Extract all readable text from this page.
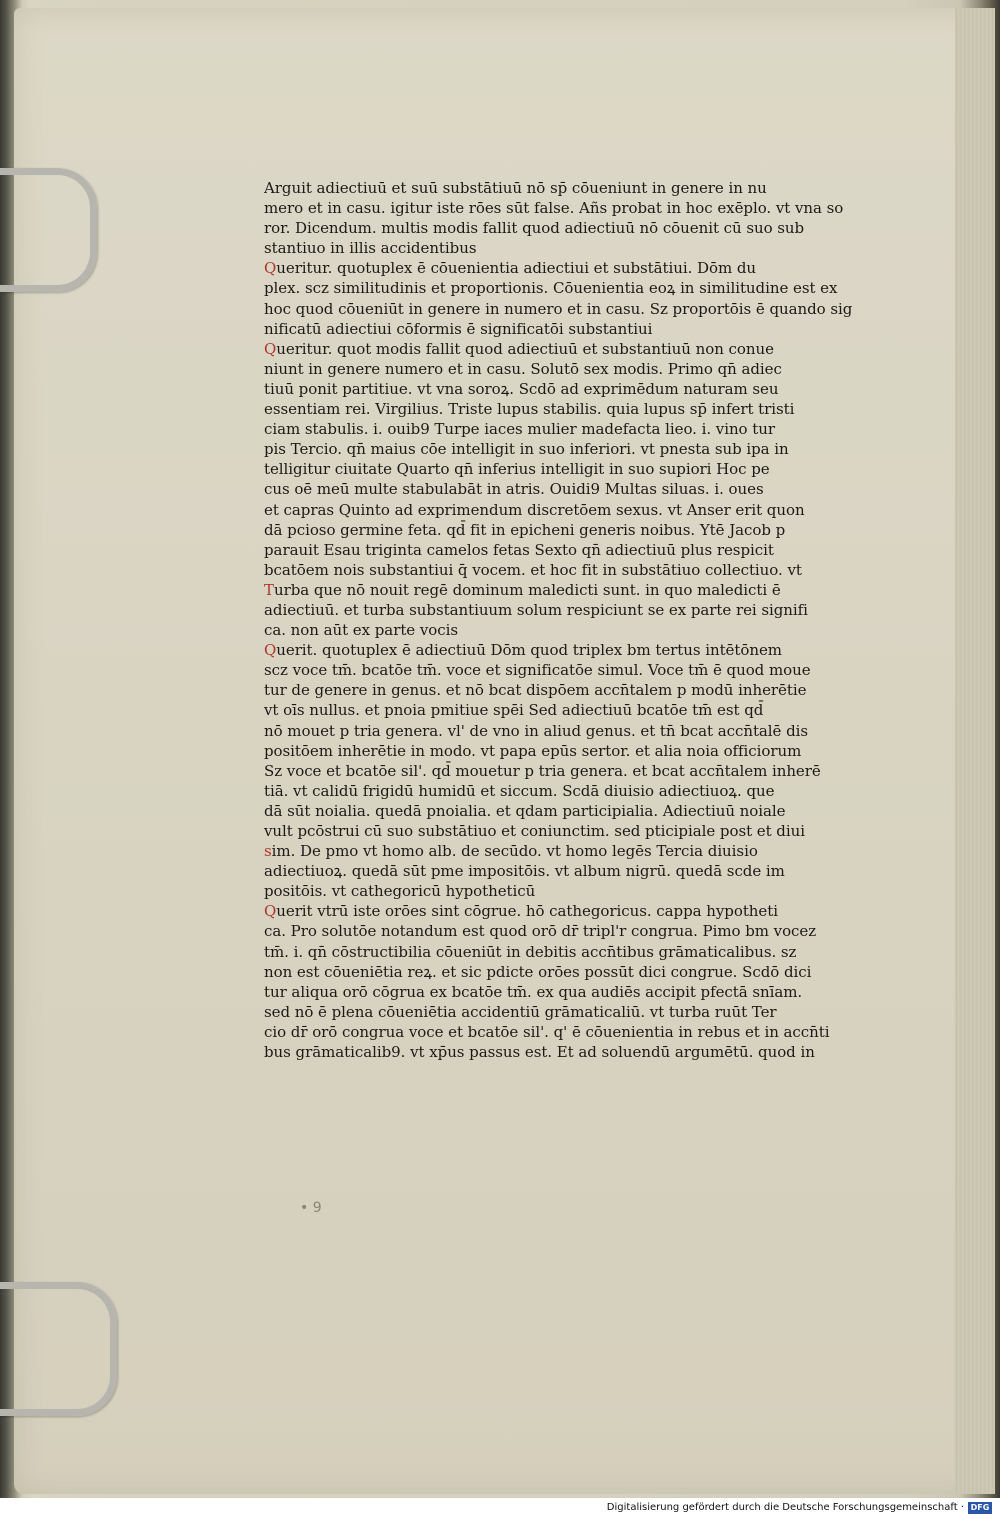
Arguit adiectiuū et suū substātiuū nō sp̄ cōueniunt in genere in nu
mero et in casu. igitur iste rōes sūt false. Añs probat in hoc exēplo. vt vna so
ror. Dicendum. multis modis fallit quod adiectiuū nō cōuenit cū suo sub
stantiuo in illis accidentibus
Queritur. quotuplex ē cōuenientia adiectiui et substātiui. Dōm du
plex. scz similitudinis et proportionis. Cōuenientia eoꝝ in similitudine est ex
hoc quod cōueniūt in genere in numero et in casu. Sz proportōis ē quando sig
nificatū adiectiui cōformis ē significatōi substantiui
Queritur. quot modis fallit quod adiectiuū et substantiuū non conue
niunt in genere numero et in casu. Solutō sex modis. Primo qn̄ adiec
tiuū ponit partitiue. vt vna soroꝝ. Scdō ad exprimēdum naturam seu
essentiam rei. Virgilius. Triste lupus stabilis. quia lupus sp̄ infert tristi
ciam stabulis. i. ouib9 Turpe iaces mulier madefacta lieo. i. vino tur
pis Tercio. qn̄ maius cōe intelligit in suo inferiori. vt pnesta sub ipa in
telligitur ciuitate Quarto qn̄ inferius intelligit in suo supiori Hoc pe
cus oē meū multe stabulabāt in atris. Ouidi9 Multas siluas. i. oues
et capras Quinto ad exprimendum discretōem sexus. vt Anser erit quon
dā pcioso germine feta. qd̄ fit in epicheni generis noibus. Ytē Jacob p
parauit Esau triginta camelos fetas Sexto qn̄ adiectiuū plus respicit
bcatōem nois substantiui q̄ vocem. et hoc fit in substātiuo collectiuo. vt
Turba que nō nouit regē dominum maledicti sunt. in quo maledicti ē
adiectiuū. et turba substantiuum solum respiciunt se ex parte rei signifi
ca. non aūt ex parte vocis
Querit. quotuplex ē adiectiuū Dōm quod triplex bm tertus intētōnem
scz voce tm̄. bcatōe tm̄. voce et significatōe simul. Voce tm̄ ē quod moue
tur de genere in genus. et nō bcat dispōem accn̄talem p modū inherētie
vt oīs nullus. et pnoia pmitiue spēi Sed adiectiuū bcatōe tm̄ est qd̄
nō mouet p tria genera. vl' de vno in aliud genus. et tn̄ bcat accn̄talē dis
positōem inherētie in modo. vt papa epūs sertor. et alia noia officiorum
Sz voce et bcatōe sil'. qd̄ mouetur p tria genera. et bcat accn̄talem inherē
tiā. vt calidū frigidū humidū et siccum. Scdā diuisio adiectiuoꝝ. que
dā sūt noialia. quedā pnoialia. et qdam participialia. Adiectiuū noiale
vult pcōstrui cū suo substātiuo et coniunctim. sed pticipiale post et diui
sim. De pmo vt homo alb. de secūdo. vt homo legēs Tercia diuisio
adiectiuoꝝ. quedā sūt pme impositōis. vt album nigrū. quedā scde im
positōis. vt cathegoricū hypotheticū
Querit vtrū iste orōes sint cōgrue. hō cathegoricus. cappa hypotheti
ca. Pro solutōe notandum est quod orō dr̄ tripl'r congrua. Pimo bm vocez
tm̄. i. qn̄ cōstructibilia cōueniūt in debitis accn̄tibus grāmaticalibus. sz
non est cōueniētia reꝝ. et sic pdicte orōes possūt dici congrue. Scdō dici
tur aliqua orō cōgrua ex bcatōe tm̄. ex qua audiēs accipit pfectā snīam.
sed nō ē plena cōueniētia accidentiū grāmaticaliū. vt turba ruūt Ter
cio dr̄ orō congrua voce et bcatōe sil'. q' ē cōuenientia in rebus et in accn̄ti
bus grāmaticalib9. vt xp̄us passus est. Et ad soluendū argumētū. quod in
• 9
Digitalisierung gefördert durch die Deutsche Forschungsgemeinschaft · DFG
